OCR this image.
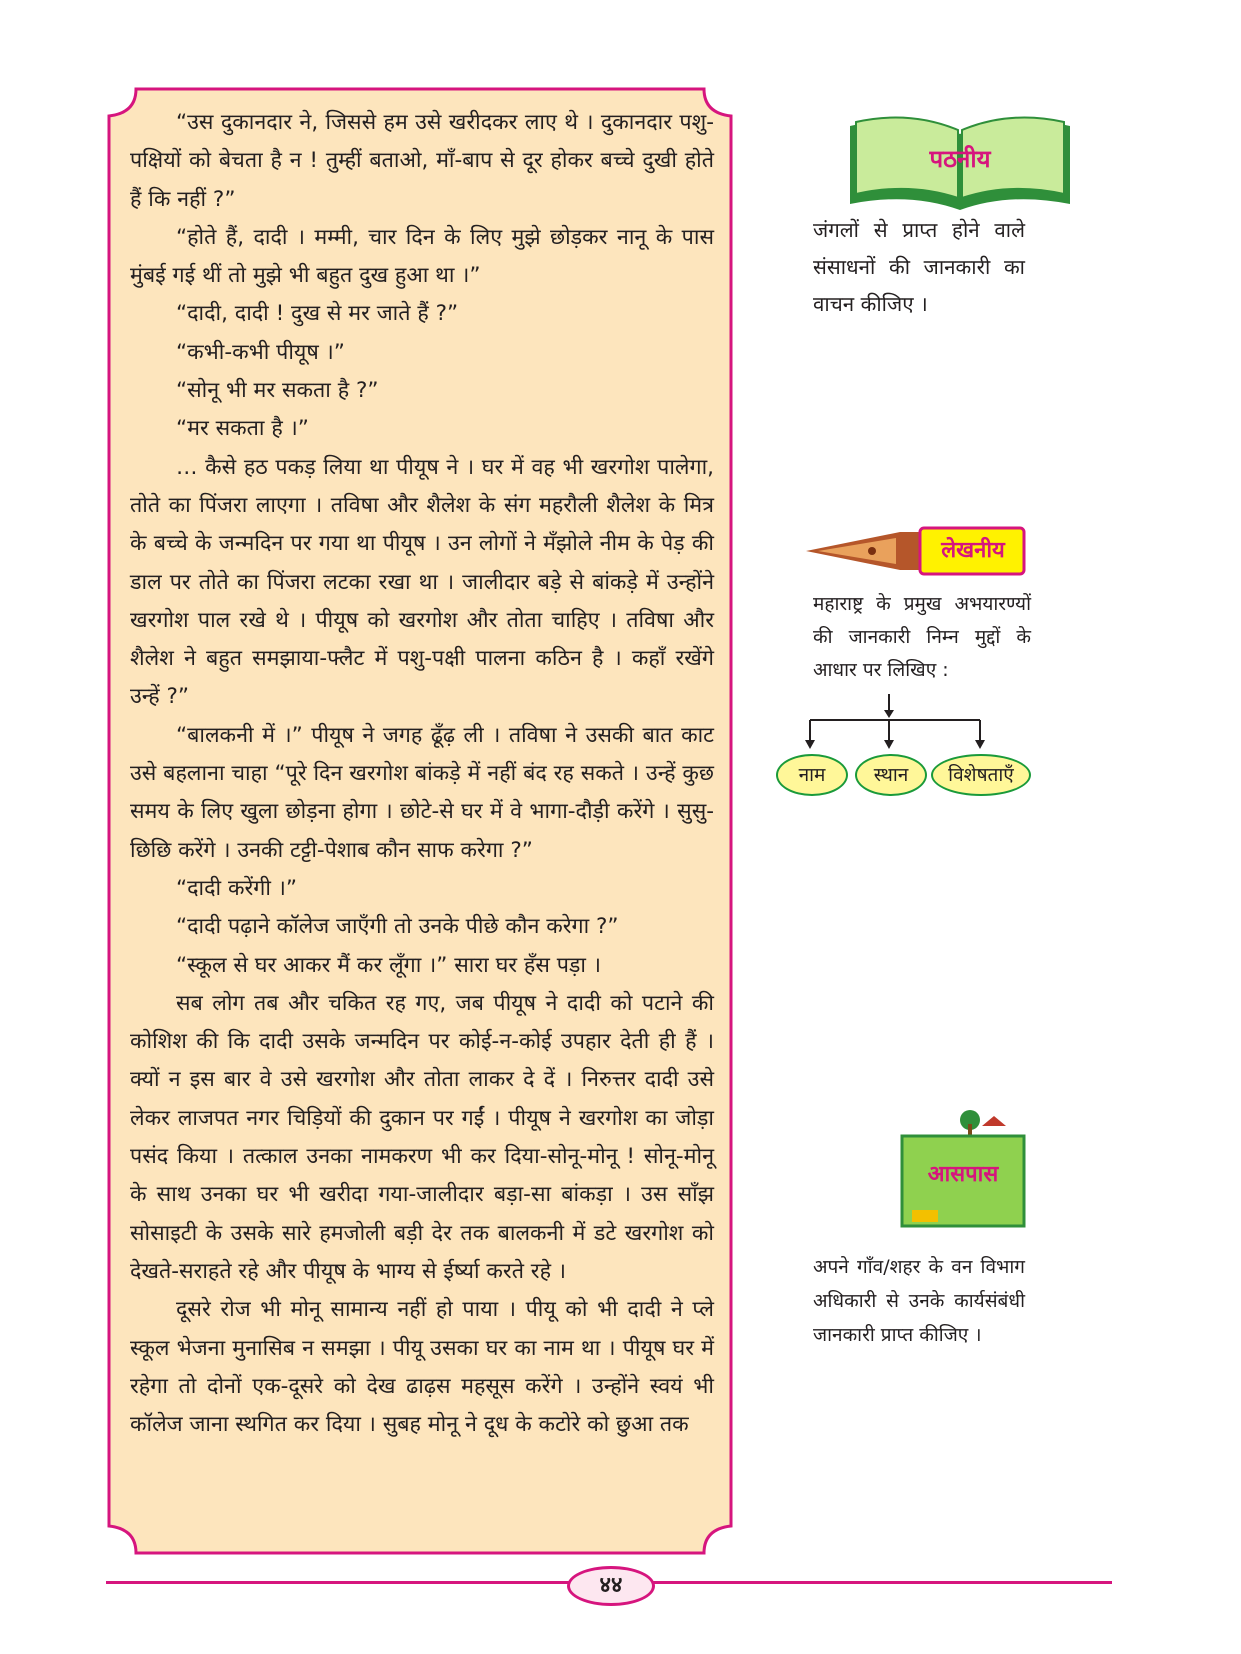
“उस दुकानदार ने, जिससे हम उसे खरीदकर लाए थे । दुकानदार पशु-पक्षियों को बेचता है न ! तुम्हीं बताओ, माँ-बाप से दूर होकर बच्चे दुखी होते हैं कि नहीं ?”

“होते हैं, दादी । मम्मी, चार दिन के लिए मुझे छोड़कर नानू के पास मुंबई गई थीं तो मुझे भी बहुत दुख हुआ था ।”

“दादी, दादी ! दुख से मर जाते हैं ?”

“कभी-कभी पीयूष ।”

“सोनू भी मर सकता है ?”

“मर सकता है ।”

… कैसे हठ पकड़ लिया था पीयूष ने । घर में वह भी खरगोश पालेगा, तोते का पिंजरा लाएगा । तविषा और शैलेश के संग महरौली शैलेश के मित्र के बच्चे के जन्मदिन पर गया था पीयूष । उन लोगों ने मँझोले नीम के पेड़ की डाल पर तोते का पिंजरा लटका रखा था । जालीदार बड़े से बांकड़े में उन्होंने खरगोश पाल रखे थे । पीयूष को खरगोश और तोता चाहिए । तविषा और शैलेश ने बहुत समझाया-फ्लैट में पशु-पक्षी पालना कठिन है । कहाँ रखेंगे उन्हें ?”

“बालकनी में ।” पीयूष ने जगह ढूँढ़ ली । तविषा ने उसकी बात काट उसे बहलाना चाहा “पूरे दिन खरगोश बांकड़े में नहीं बंद रह सकते । उन्हें कुछ समय के लिए खुला छोड़ना होगा । छोटे-से घर में वे भागा-दौड़ी करेंगे । सुसु-छिछि करेंगे । उनकी टट्टी-पेशाब कौन साफ करेगा ?”

“दादी करेंगी ।”

“दादी पढ़ाने कॉलेज जाएँगी तो उनके पीछे कौन करेगा ?”

“स्कूल से घर आकर मैं कर लूँगा ।” सारा घर हँस पड़ा ।

सब लोग तब और चकित रह गए, जब पीयूष ने दादी को पटाने की कोशिश की कि दादी उसके जन्मदिन पर कोई-न-कोई उपहार देती ही हैं । क्यों न इस बार वे उसे खरगोश और तोता लाकर दे दें । निरुत्तर दादी उसे लेकर लाजपत नगर चिड़ियों की दुकान पर गईं । पीयूष ने खरगोश का जोड़ा पसंद किया । तत्काल उनका नामकरण भी कर दिया-सोनू-मोनू ! सोनू-मोनू के साथ उनका घर भी खरीदा गया-जालीदार बड़ा-सा बांकड़ा । उस साँझ सोसाइटी के उसके सारे हमजोली बड़ी देर तक बालकनी में डटे खरगोश को देखते-सराहते रहे और पीयूष के भाग्य से ईर्ष्या करते रहे ।

दूसरे रोज भी मोनू सामान्य नहीं हो पाया । पीयू को भी दादी ने प्ले स्कूल भेजना मुनासिब न समझा । पीयू उसका घर का नाम था । पीयूष घर में रहेगा तो दोनों एक-दूसरे को देख ढाढ़स महसूस करेंगे । उन्होंने स्वयं भी कॉलेज जाना स्थगित कर दिया । सुबह मोनू ने दूध के कटोरे को छुआ तक

पठनीय
जंगलों से प्राप्त होने वाले संसाधनों की जानकारी का वाचन कीजिए ।
लेखनीय
महाराष्ट्र के प्रमुख अभयारण्यों की जानकारी निम्न मुद्दों के आधार पर लिखिए :
नाम	स्थान	विशेषताएँ
आसपास
अपने गाँव/शहर के वन विभाग अधिकारी से उनके कार्यसंबंधी जानकारी प्राप्त कीजिए ।
४४
